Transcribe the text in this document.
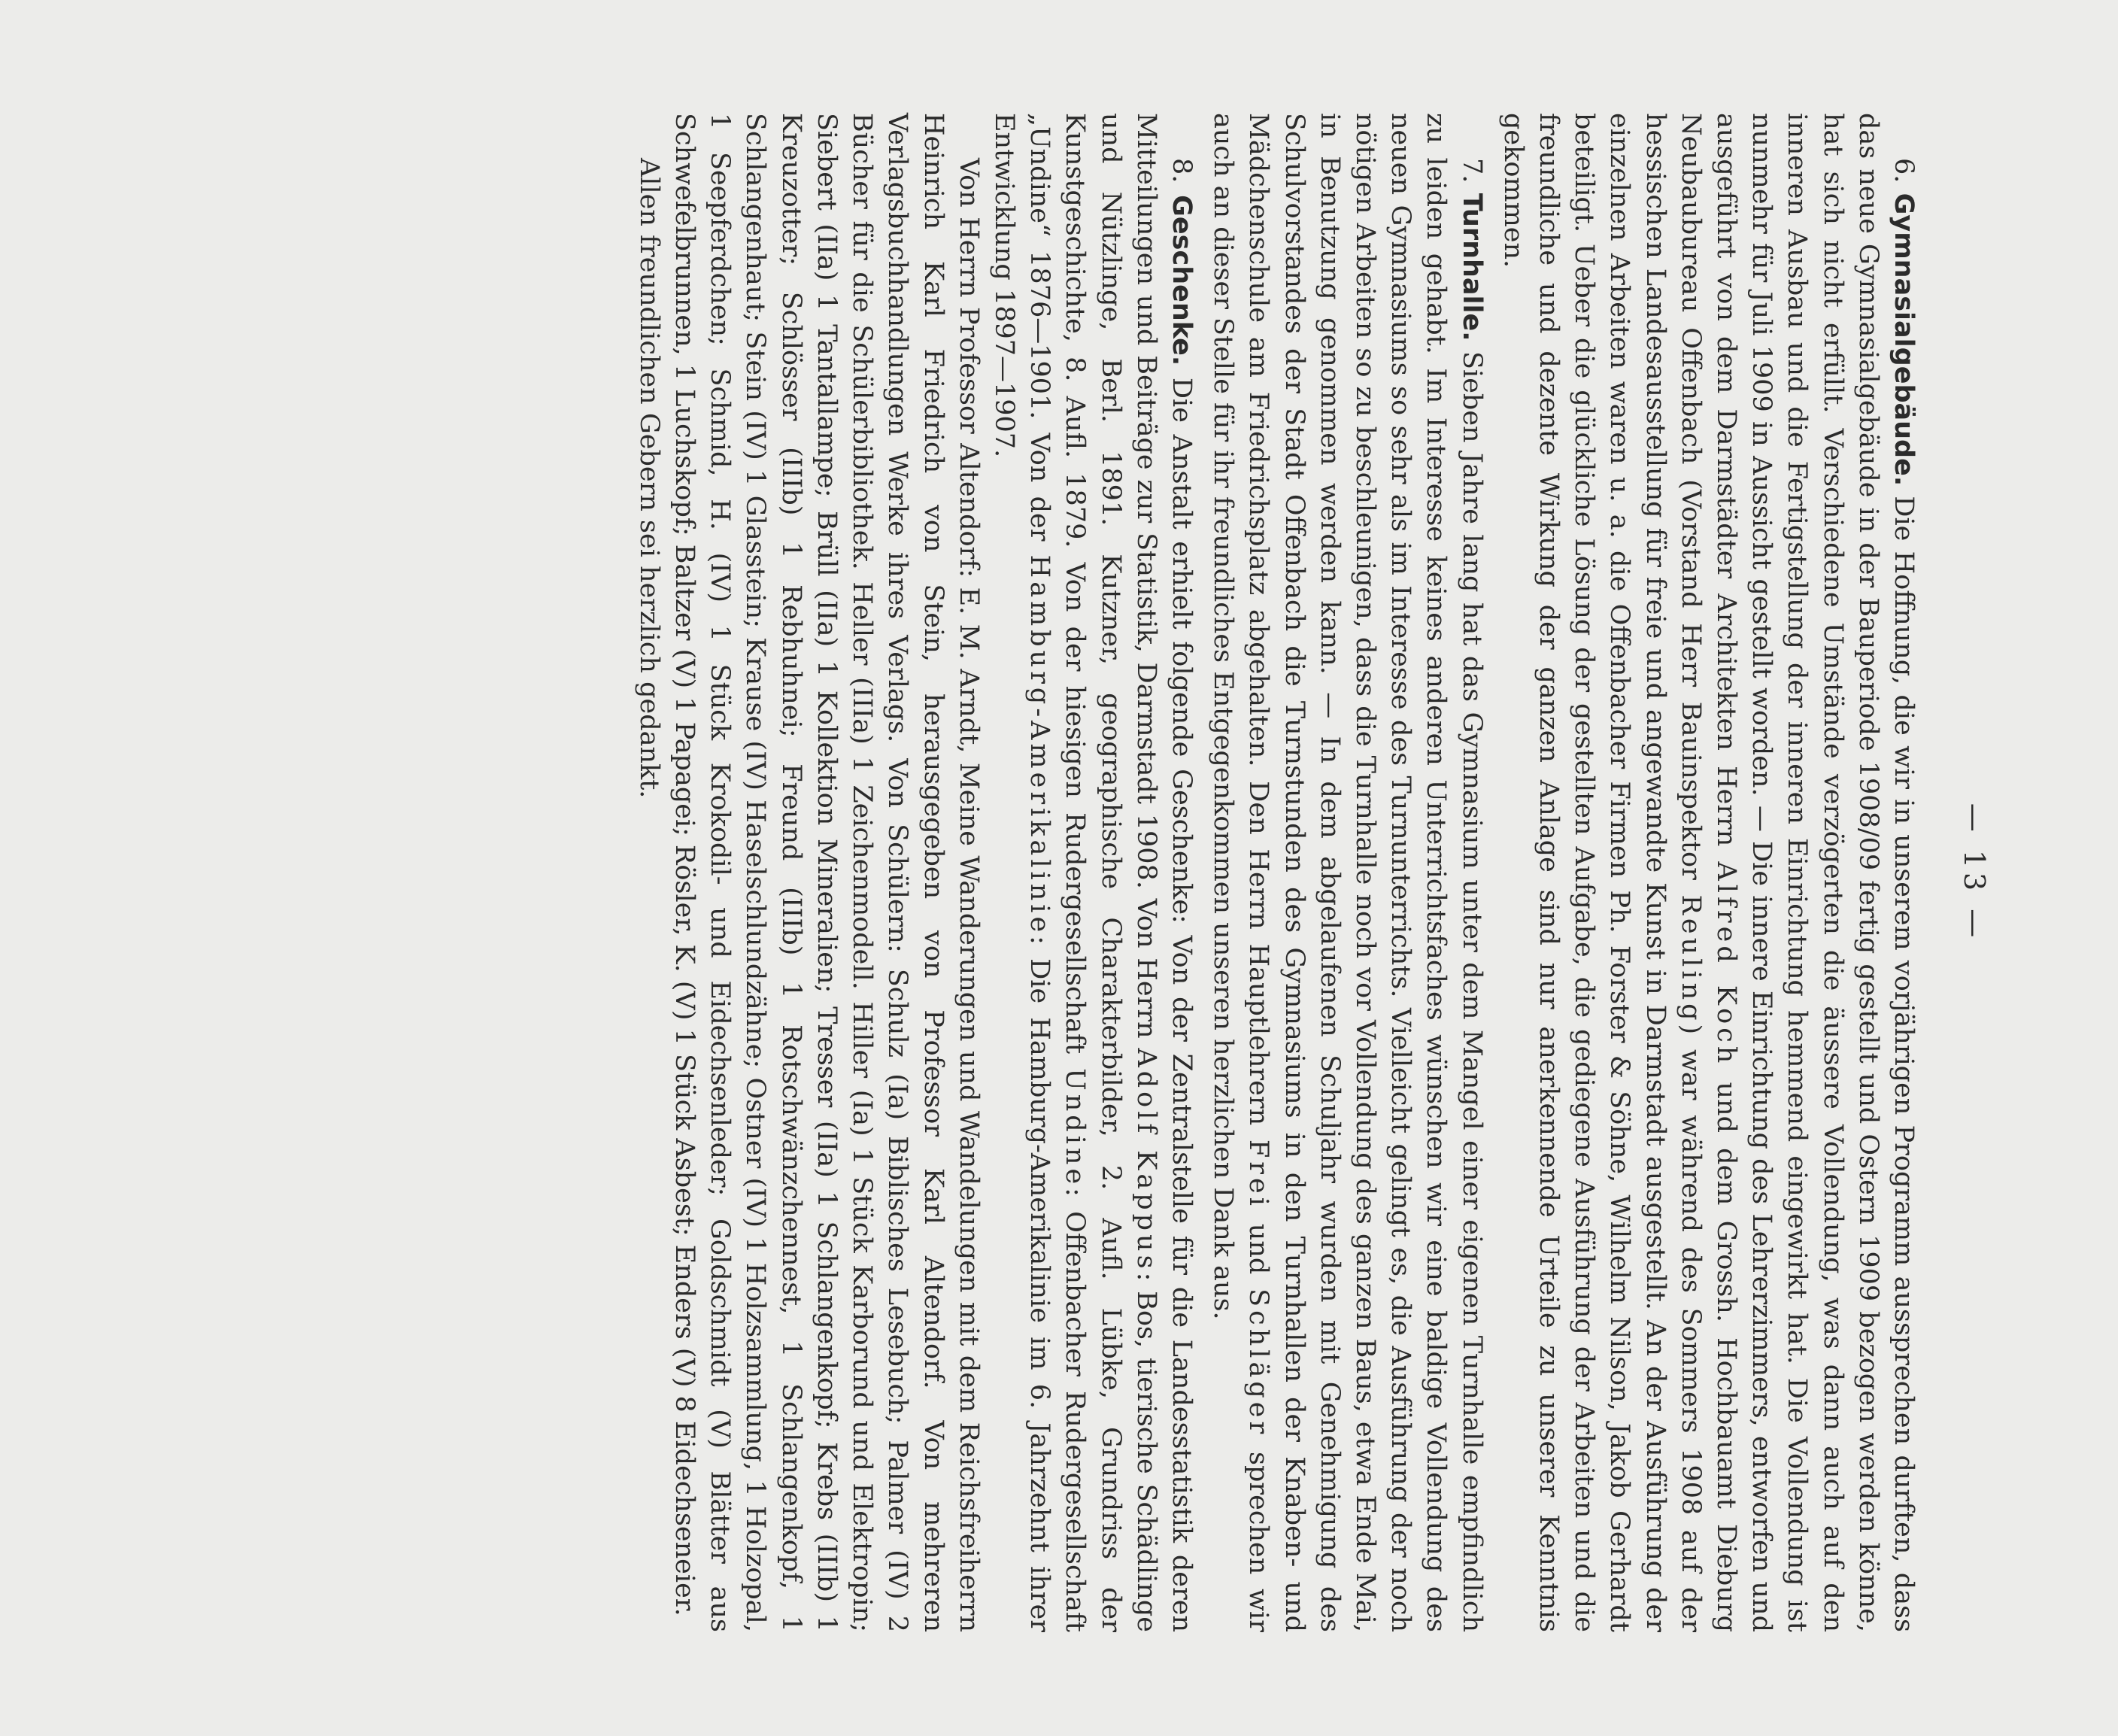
— 13 —

6. Gymnasialgebäude. Die Hoffnung, die wir in unserem vorjährigen Programm aussprechen durften, dass das neue Gymnasialgebäude in der Bauperiode 1908/09 fertig gestellt und Ostern 1909 bezogen werden könne, hat sich nicht erfüllt. Verschiedene Umstände verzögerten die äussere Vollendung, was dann auch auf den inneren Ausbau und die Fertigstellung der inneren Einrichtung hemmend eingewirkt hat. Die Vollendung ist nunmehr für Juli 1909 in Aussicht gestellt worden. — Die innere Einrichtung des Lehrerzimmers, entworfen und ausgeführt von dem Darmstädter Architekten Herrn Alfred Koch und dem Grossh. Hochbauamt Dieburg Neubaubureau Offenbach (Vorstand Herr Bauinspektor Reuling) war während des Sommers 1908 auf der hessischen Landesausstellung für freie und angewandte Kunst in Darmstadt ausgestellt. An der Ausführung der einzelnen Arbeiten waren u. a. die Offenbacher Firmen Ph. Forster & Söhne, Wilhelm Nilson, Jakob Gerhardt beteiligt. Ueber die glückliche Lösung der gestellten Aufgabe, die gediegene Ausführung der Arbeiten und die freundliche und dezente Wirkung der ganzen Anlage sind nur anerkennende Urteile zu unserer Kenntnis gekommen.

7. Turnhalle. Sieben Jahre lang hat das Gymnasium unter dem Mangel einer eigenen Turnhalle empfindlich zu leiden gehabt. Im Interesse keines anderen Unterrichtsfaches wünschen wir eine baldige Vollendung des neuen Gymnasiums so sehr als im Interesse des Turnunterrichts. Vielleicht gelingt es, die Ausführung der noch nötigen Arbeiten so zu beschleunigen, dass die Turnhalle noch vor Vollendung des ganzen Baus, etwa Ende Mai, in Benutzung genommen werden kann. — In dem abgelaufenen Schuljahr wurden mit Genehmigung des Schulvorstandes der Stadt Offenbach die Turnstunden des Gymnasiums in den Turnhallen der Knaben- und Mädchenschule am Friedrichsplatz abgehalten. Den Herrn Hauptlehrern Frei und Schläger sprechen wir auch an dieser Stelle für ihr freundliches Entgegenkommen unseren herzlichen Dank aus.

8. Geschenke. Die Anstalt erhielt folgende Geschenke: Von der Zentralstelle für die Landesstatistik deren Mitteilungen und Beiträge zur Statistik, Darmstadt 1908. Von Herrn Adolf Kappus: Bos, tierische Schädlinge und Nützlinge, Berl. 1891. Kutzner, geographische Charakterbilder, 2. Aufl. Lübke, Grundriss der Kunstgeschichte, 8. Aufl. 1879. Von der hiesigen Rudergesellschaft Undine: Offenbacher Rudergesellschaft „Undine“ 1876—1901. Von der Hamburg-Amerikalinie: Die Hamburg-Amerikalinie im 6. Jahrzehnt ihrer Entwicklung 1897—1907.

Von Herrn Professor Altendorf: E. M. Arndt, Meine Wanderungen und Wandelungen mit dem Reichsfreiherrn Heinrich Karl Friedrich von Stein, herausgegeben von Professor Karl Altendorf. Von mehreren Verlagsbuchhandlungen Werke ihres Verlags. Von Schülern: Schulz (Ia) Biblisches Lesebuch; Palmer (IV) 2 Bücher für die Schülerbibliothek. Heller (IIIa) 1 Zeichenmodell. Hiller (Ia) 1 Stück Karborund und Elektropin; Siebert (IIa) 1 Tantallampe; Brüll (IIa) 1 Kollektion Mineralien; Tresser (IIa) 1 Schlangenkopf; Krebs (IIIb) 1 Kreuzotter; Schlösser (IIIb) 1 Rebhuhnei; Freund (IIIb) 1 Rotschwänzchennest, 1 Schlangenkopf, 1 Schlangenhaut; Stein (IV) 1 Glasstein; Krause (IV) Haselschlundzähne; Ostner (IV) 1 Holzsammlung, 1 Holzopal, 1 Seepferdchen; Schmid, H. (IV) 1 Stück Krokodil- und Eidechsenleder; Goldschmidt (V) Blätter aus Schwefelbrunnen, 1 Luchskopf; Baltzer (V) 1 Papagei; Rösler, K. (V) 1 Stück Asbest; Enders (V) 8 Eidechseneier.

Allen freundlichen Gebern sei herzlich gedankt.
